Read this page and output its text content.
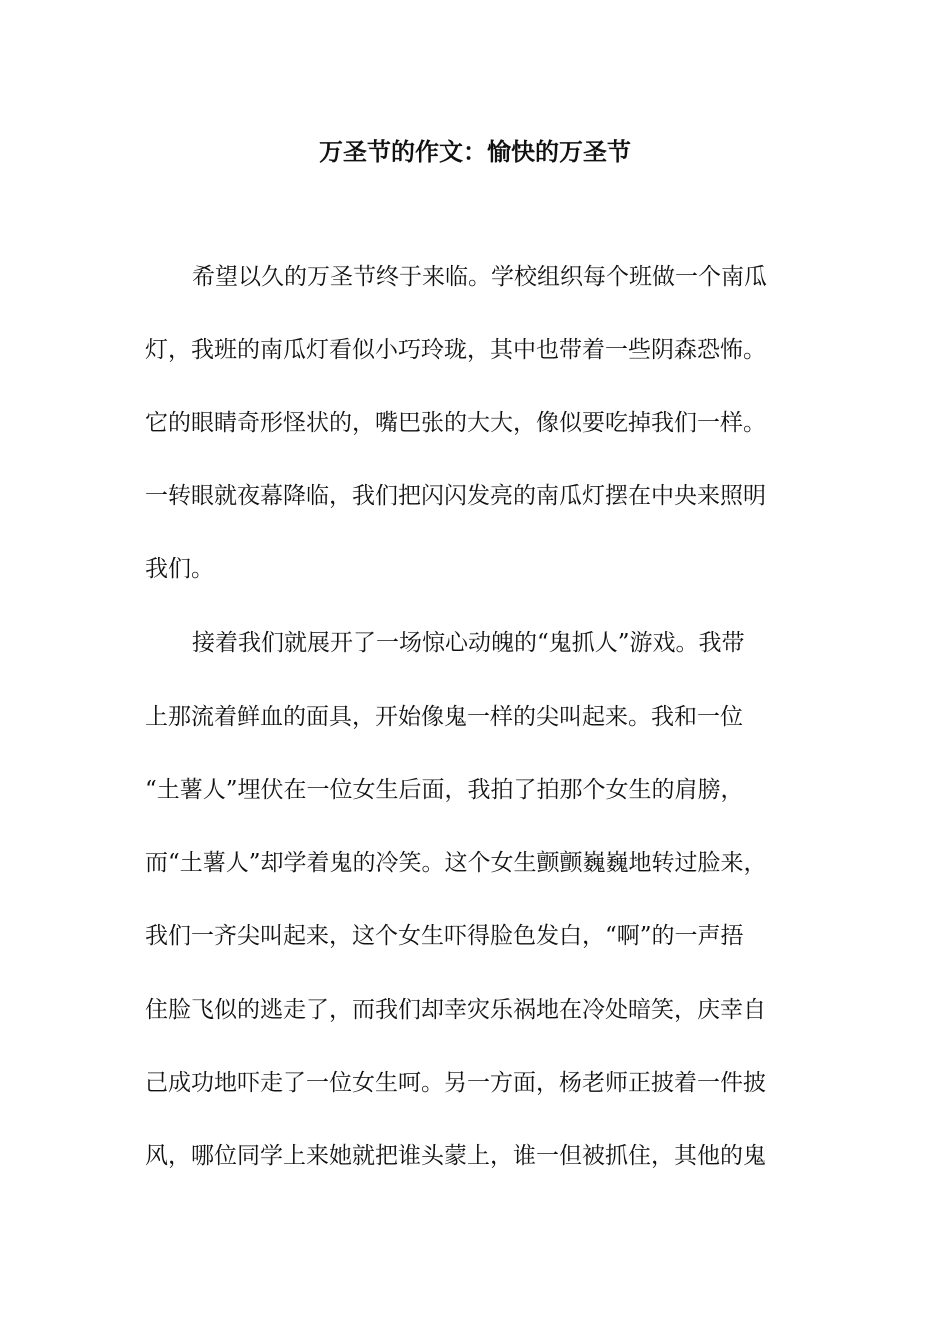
万圣节的作文：愉快的万圣节
希望以久的万圣节终于来临。学校组织每个班做一个南瓜
灯，我班的南瓜灯看似小巧玲珑，其中也带着一些阴森恐怖。
它的眼睛奇形怪状的，嘴巴张的大大，像似要吃掉我们一样。
一转眼就夜幕降临，我们把闪闪发亮的南瓜灯摆在中央来照明
我们。
接着我们就展开了一场惊心动魄的“鬼抓人”游戏。我带
上那流着鲜血的面具，开始像鬼一样的尖叫起来。我和一位
“土薯人”埋伏在一位女生后面，我拍了拍那个女生的肩膀，
而“土薯人”却学着鬼的冷笑。这个女生颤颤巍巍地转过脸来，
我们一齐尖叫起来，这个女生吓得脸色发白，“啊”的一声捂
住脸飞似的逃走了，而我们却幸灾乐祸地在冷处暗笑，庆幸自
己成功地吓走了一位女生呵。另一方面，杨老师正披着一件披
风，哪位同学上来她就把谁头蒙上，谁一但被抓住，其他的鬼
